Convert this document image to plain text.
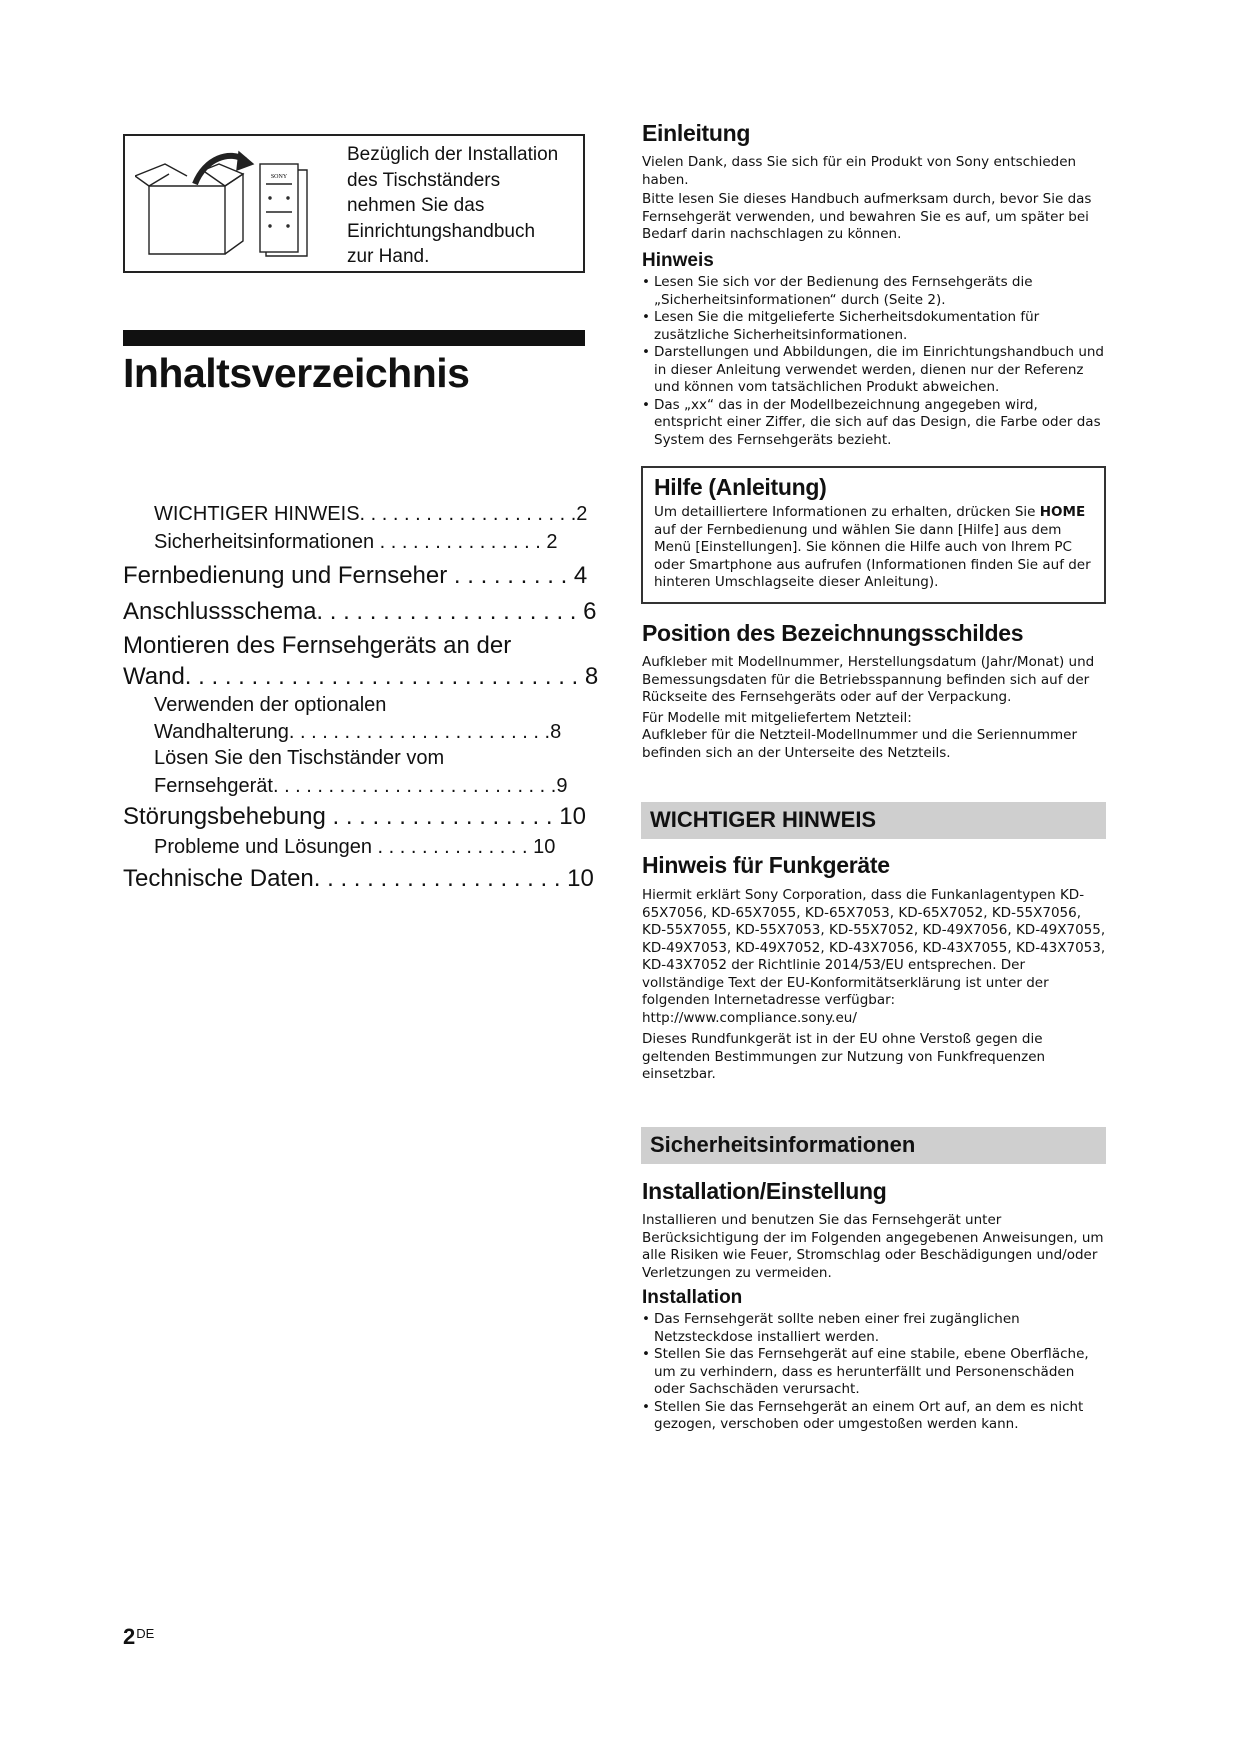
SONY
Bezüglich der Installation
des Tischständers
nehmen Sie das
Einrichtungshandbuch
zur Hand.
Inhaltsverzeichnis
WICHTIGER HINWEIS. . . . . . . . . . . . . . . . . . . .2
Sicherheitsinformationen . . . . . . . . . . . . . . . 2
Fernbedienung und Fernseher . . . . . . . . . 4
Anschlussschema. . . . . . . . . . . . . . . . . . . . 6
Montieren des Fernsehgeräts an der
Wand. . . . . . . . . . . . . . . . . . . . . . . . . . . . . . 8
Verwenden der optionalen
Wandhalterung. . . . . . . . . . . . . . . . . . . . . . . .8
Lösen Sie den Tischständer vom
Fernsehgerät. . . . . . . . . . . . . . . . . . . . . . . . . .9
Störungsbehebung . . . . . . . . . . . . . . . . . 10
Probleme und Lösungen . . . . . . . . . . . . . . 10
Technische Daten. . . . . . . . . . . . . . . . . . . 10
Einleitung

Vielen Dank, dass Sie sich für ein Produkt von Sony entschieden haben.

Bitte lesen Sie dieses Handbuch aufmerksam durch, bevor Sie das Fernsehgerät verwenden, und bewahren Sie es auf, um später bei Bedarf darin nachschlagen zu können.

Hinweis
• Lesen Sie sich vor der Bedienung des Fernsehgeräts die „Sicherheitsinformationen“ durch (Seite 2).
• Lesen Sie die mitgelieferte Sicherheitsdokumentation für zusätzliche Sicherheitsinformationen.
• Darstellungen und Abbildungen, die im Einrichtungshandbuch und in dieser Anleitung verwendet werden, dienen nur der Referenz und können vom tatsächlichen Produkt abweichen.
• Das „xx“ das in der Modellbezeichnung angegeben wird, entspricht einer Ziffer, die sich auf das Design, die Farbe oder das System des Fernsehgeräts bezieht.
Hilfe (Anleitung)
Um detailliertere Informationen zu erhalten, drücken Sie HOME auf der Fernbedienung und wählen Sie dann [Hilfe] aus dem Menü [Einstellungen]. Sie können die Hilfe auch von Ihrem PC oder Smartphone aus aufrufen (Informationen finden Sie auf der hinteren Umschlagseite dieser Anleitung).
Position des Bezeichnungsschildes

Aufkleber mit Modellnummer, Herstellungsdatum (Jahr/Monat) und Bemessungsdaten für die Betriebsspannung befinden sich auf der Rückseite des Fernsehgeräts oder auf der Verpackung.

Für Modelle mit mitgeliefertem Netzteil:

Aufkleber für die Netzteil-Modellnummer und die Seriennummer befinden sich an der Unterseite des Netzteils.

WICHTIGER HINWEIS
Hinweis für Funkgeräte

Hiermit erklärt Sony Corporation, dass die Funkanlagentypen KD-65X7056, KD-65X7055, KD-65X7053, KD-65X7052, KD-55X7056, KD-55X7055, KD-55X7053, KD-55X7052, KD-49X7056, KD-49X7055, KD-49X7053, KD-49X7052, KD-43X7056, KD-43X7055, KD-43X7053, KD-43X7052 der Richtlinie 2014/53/EU entsprechen. Der vollständige Text der EU-Konformitätserklärung ist unter der folgenden Internetadresse verfügbar: http://www.compliance.sony.eu/

Dieses Rundfunkgerät ist in der EU ohne Verstoß gegen die geltenden Bestimmungen zur Nutzung von Funkfrequenzen einsetzbar.

Sicherheitsinformationen
Installation/Einstellung

Installieren und benutzen Sie das Fernsehgerät unter Berücksichtigung der im Folgenden angegebenen Anweisungen, um alle Risiken wie Feuer, Stromschlag oder Beschädigungen und/oder Verletzungen zu vermeiden.

Installation
• Das Fernsehgerät sollte neben einer frei zugänglichen Netzsteckdose installiert werden.
• Stellen Sie das Fernsehgerät auf eine stabile, ebene Oberfläche, um zu verhindern, dass es herunterfällt und Personenschäden oder Sachschäden verursacht.
• Stellen Sie das Fernsehgerät an einem Ort auf, an dem es nicht gezogen, verschoben oder umgestoßen werden kann.
2DE
